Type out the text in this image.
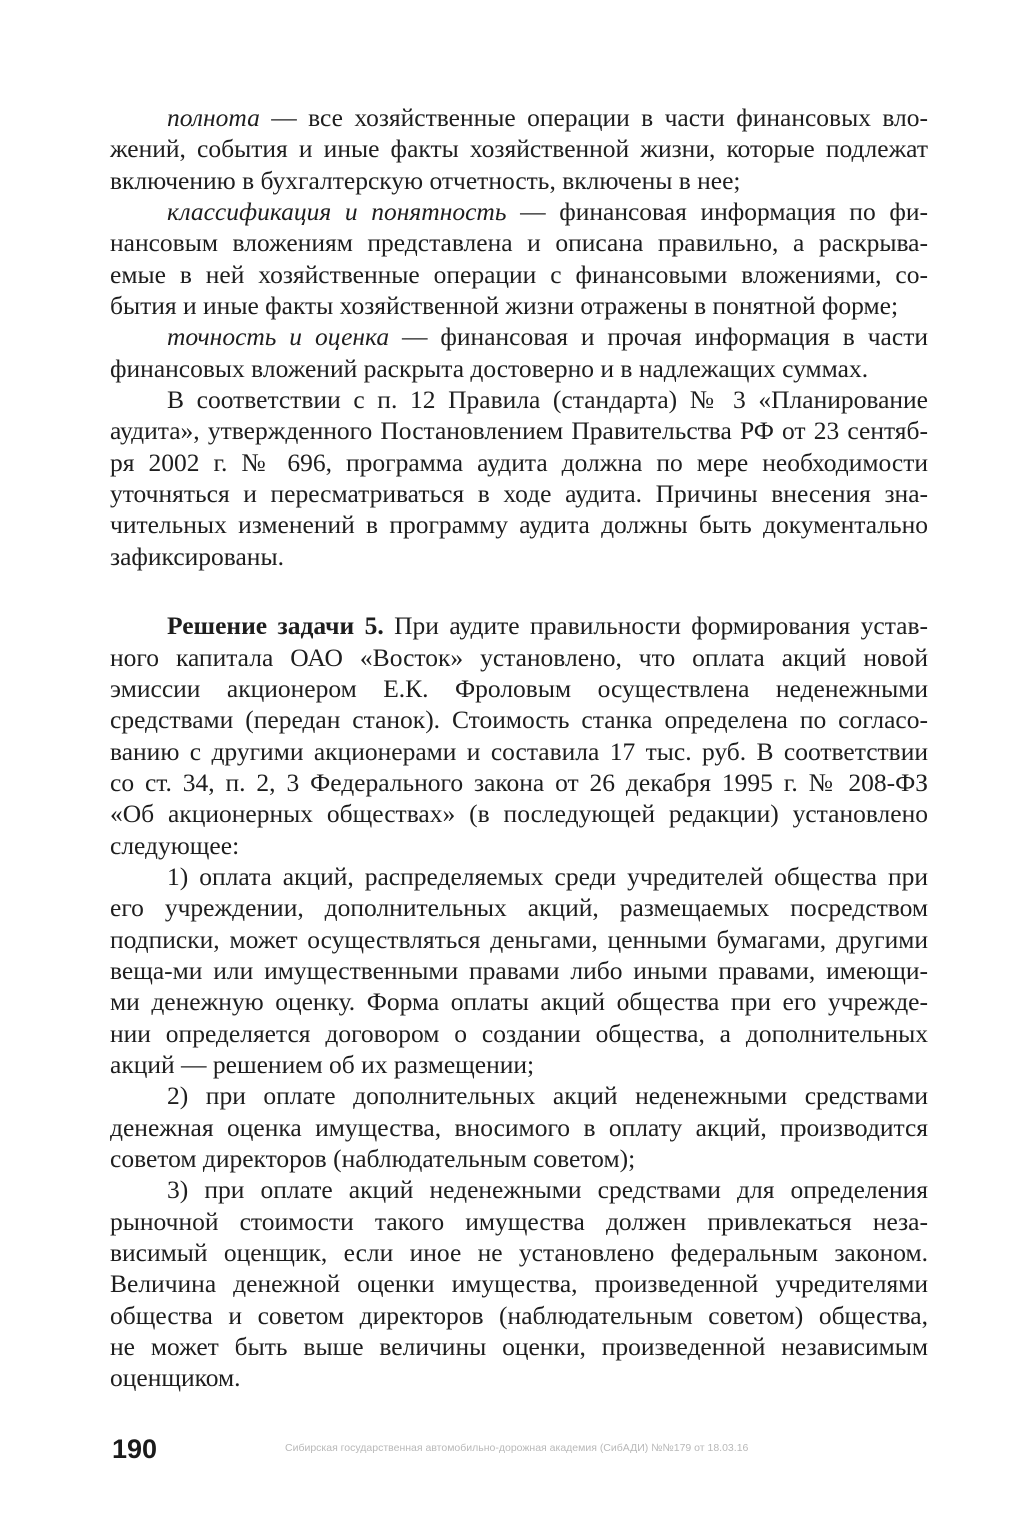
полнота — все хозяйственные операции в части финансовых вло-
жений, события и иные факты хозяйственной жизни, которые подлежат
включению в бухгалтерскую отчетность, включены в нее;
классификация и понятность — финансовая информация по фи-
нансовым вложениям представлена и описана правильно, а раскрыва-
емые в ней хозяйственные операции с финансовыми вложениями, со-
бытия и иные факты хозяйственной жизни отражены в понятной форме;
точность и оценка — финансовая и прочая информация в части
финансовых вложений раскрыта достоверно и в надлежащих суммах.
В соответствии с п. 12 Правила (стандарта) № 3 «Планирование
аудита», утвержденного Постановлением Правительства РФ от 23 сентяб-
ря 2002 г. № 696, программа аудита должна по мере необходимости
уточняться и пересматриваться в ходе аудита. Причины внесения зна-
чительных изменений в программу аудита должны быть документально
зафиксированы.
Решение задачи 5. При аудите правильности формирования устав-
ного капитала ОАО «Восток» установлено, что оплата акций новой
эмиссии акционером Е.К. Фроловым осуществлена неденежными
средствами (передан станок). Стоимость станка определена по согласо-
ванию с другими акционерами и составила 17 тыс. руб. В соответствии
со ст. 34, п. 2, 3 Федерального закона от 26 декабря 1995 г. № 208-ФЗ
«Об акционерных обществах» (в последующей редакции) установлено
следующее:
1) оплата акций, распределяемых среди учредителей общества при
его учреждении, дополнительных акций, размещаемых посредством
подписки, может осуществляться деньгами, ценными бумагами, другими
веща-ми или имущественными правами либо иными правами, имеющи-
ми денежную оценку. Форма оплаты акций общества при его учрежде-
нии определяется договором о создании общества, а дополнительных
акций — решением об их размещении;
2) при оплате дополнительных акций неденежными средствами
денежная оценка имущества, вносимого в оплату акций, производится
советом директоров (наблюдательным советом);
3) при оплате акций неденежными средствами для определения
рыночной стоимости такого имущества должен привлекаться неза-
висимый оценщик, если иное не установлено федеральным законом.
Величина денежной оценки имущества, произведенной учредителями
общества и советом директоров (наблюдательным советом) общества,
не может быть выше величины оценки, произведенной независимым
оценщиком.
190	Сибирская государственная автомобильно-дорожная академия (СибАДИ) №№179 от 18.03.16
